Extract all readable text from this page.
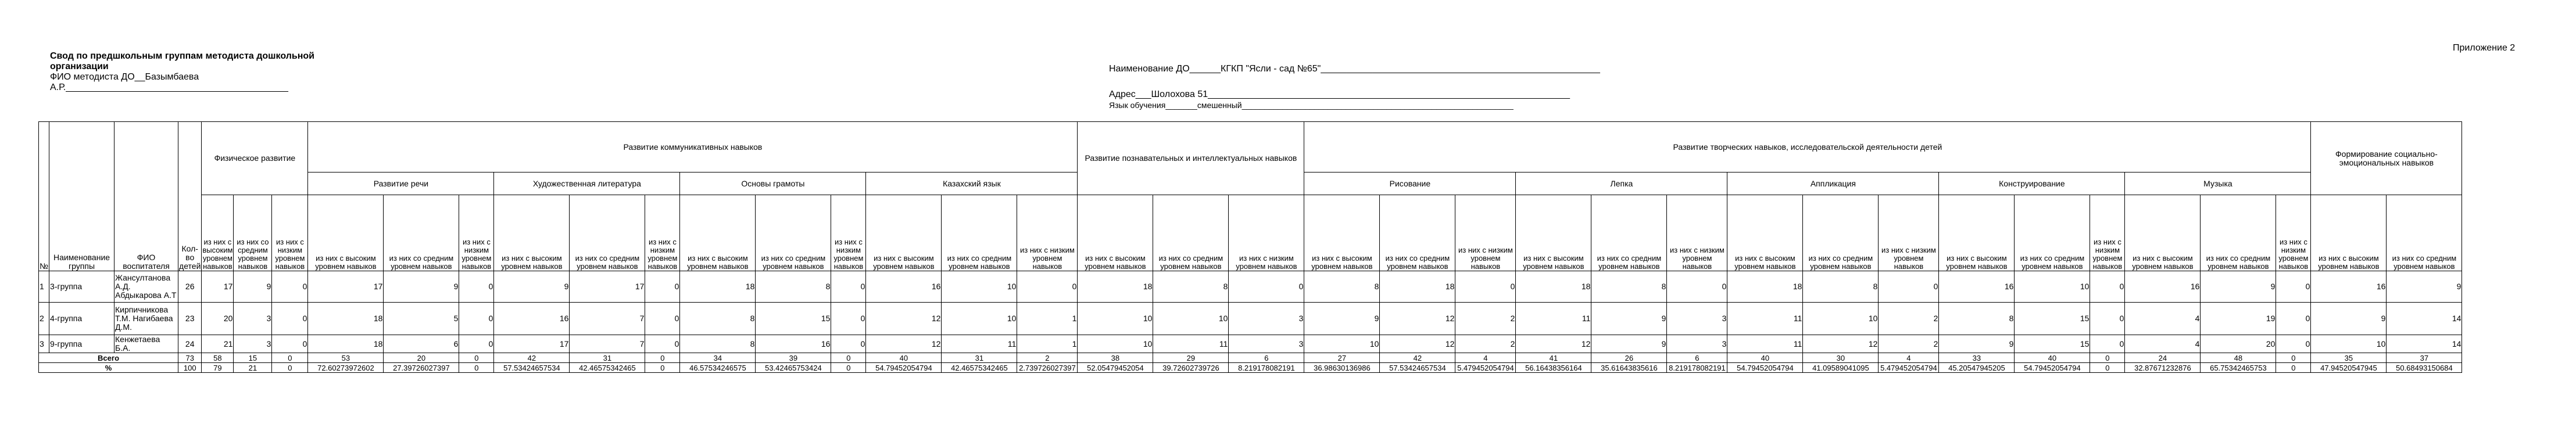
Приложение 2
Свод по предшкольным группам методиста дошкольной
организации
ФИО методиста ДО__Базымбаева
А.Р.___________________________________________
Наименование ДО______КГКП "Ясли - сад №65"______________________________________________________
Адрес___Шолохова 51______________________________________________________________________
Язык обучения_______смешенный____________________________________________________________
№	Наименование группы	ФИО воспитателя	Кол-во детей	Физическое развитие			Развитие коммуникативных навыков												Развитие познавательных и интеллектуальных навыков			Развитие творческих навыков, исследовательской деятельности детей															Формирование социально-эмоциональных навыков	
							Развитие речи			Художественная литература			Основы грамоты			Казахский язык						Рисование			Лепка			Аппликация			Конструирование			Музыка				
				из них с высоким уровнем навыков	из них со средним уровнем навыков	из них с низким уровнем навыков	из них с высоким уровнем навыков	из них со средним уровнем навыков	из них с низким уровнем навыков	из них с высоким уровнем навыков	из них со средним уровнем навыков	из них с низким уровнем навыков	из них с высоким уровнем навыков	из них со средним уровнем навыков	из них с низким уровнем навыков	из них с высоким уровнем навыков	из них со средним уровнем навыков	из них с низким уровнем навыков	из них с высоким уровнем навыков	из них со средним уровнем навыков	из них с низким уровнем навыков	из них с высоким уровнем навыков	из них со средним уровнем навыков	из них с низким уровнем навыков	из них с высоким уровнем навыков	из них со средним уровнем навыков	из них с низким уровнем навыков	из них с высоким уровнем навыков	из них со средним уровнем навыков	из них с низким уровнем навыков	из них с высоким уровнем навыков	из них со средним уровнем навыков	из них с низким уровнем навыков	из них с высоким уровнем навыков	из них со средним уровнем навыков	из них с низким уровнем навыков	из них с высоким уровнем навыков	из них со средним уровнем навыков
1	3-группа	Жансултанова А.Д. Абдыкарова А.Т	26	17	9	0	17	9	0	9	17	0	18	8	0	16	10	0	18	8	0	8	18	0	18	8	0	18	8	0	16	10	0	16	9	0	16	9
2	4-группа	Кирпичникова Т.М. Нагибаева Д.М.	23	20	3	0	18	5	0	16	7	0	8	15	0	12	10	1	10	10	3	9	12	2	11	9	3	11	10	2	8	15	0	4	19	0	9	14
3	9-группа	Кенжетаева Б.А.	24	21	3	0	18	6	0	17	7	0	8	16	0	12	11	1	10	11	3	10	12	2	12	9	3	11	12	2	9	15	0	4	20	0	10	14
Всего			73	58	15	0	53	20	0	42	31	0	34	39	0	40	31	2	38	29	6	27	42	4	41	26	6	40	30	4	33	40	0	24	48	0	35	37
%			100	79	21	0	72.60273972602	27.39726027397	0	57.53424657534	42.46575342465	0	46.57534246575	53.42465753424	0	54.79452054794	42.46575342465	2.739726027397	52.05479452054	39.72602739726	8.219178082191	36.98630136986	57.53424657534	5.479452054794	56.16438356164	35.61643835616	8.219178082191	54.79452054794	41.09589041095	5.479452054794	45.20547945205	54.79452054794	0	32.87671232876	65.75342465753	0	47.94520547945	50.68493150684
